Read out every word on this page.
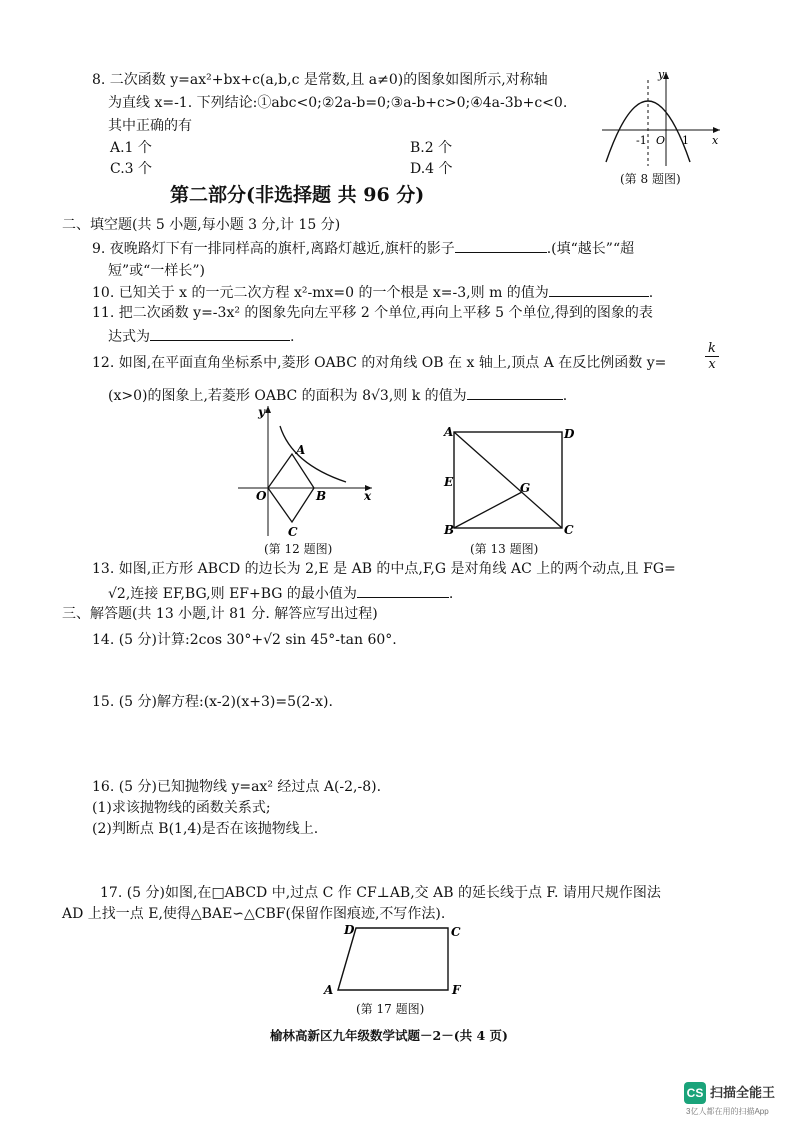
8. 二次函数 y=ax²+bx+c(a,b,c 是常数,且 a≠0)的图象如图所示,对称轴
为直线 x=-1. 下列结论:①abc<0;②2a-b=0;③a-b+c>0;④4a-3b+c<0.
其中正确的有
A.1 个	B.2 个
C.3 个	D.4 个
y
x
-1 O 1
(第 8 题图)
第二部分(非选择题 共 96 分)
二、填空题(共 5 小题,每小题 3 分,计 15 分)
9. 夜晚路灯下有一排同样高的旗杆,离路灯越近,旗杆的影子	.(填“越长”“超
短”或“一样长”)
10. 已知关于 x 的一元二次方程 x²-mx=0 的一个根是 x=-3,则 m 的值为	.
11. 把二次函数 y=-3x² 的图象先向左平移 2 个单位,再向上平移 5 个单位,得到的图象的表
达式为	.
12. 如图,在平面直角坐标系中,菱形 OABC 的对角线 OB 在 x 轴上,顶点 A 在反比例函数 y=	$\frac{k}{x}$
(x>0)的图象上,若菱形 OABC 的面积为 8√3,则 k 的值为	.
y
x
O
A
B
C
(第 12 题图)
A	D
E	G
B	C
(第 13 题图)
13. 如图,正方形 ABCD 的边长为 2,E 是 AB 的中点,F,G 是对角线 AC 上的两个动点,且 FG=
√2,连接 EF,BG,则 EF+BG 的最小值为	.
三、解答题(共 13 小题,计 81 分. 解答应写出过程)
14. (5 分)计算:2cos 30°+√2 sin 45°-tan 60°.
15. (5 分)解方程:(x-2)(x+3)=5(2-x).
16. (5 分)已知抛物线 y=ax² 经过点 A(-2,-8).
(1)求该抛物线的函数关系式;
(2)判断点 B(1,4)是否在该抛物线上.
17. (5 分)如图,在□ABCD 中,过点 C 作 CF⊥AB,交 AB 的延长线于点 F. 请用尺规作图法
AD 上找一点 E,使得△BAE∽△CBF(保留作图痕迹,不写作法).
D	C
A	F
(第 17 题图)
榆林高新区九年级数学试题－2－(共 4 页)
CS 扫描全能王
3亿人都在用的扫描App
